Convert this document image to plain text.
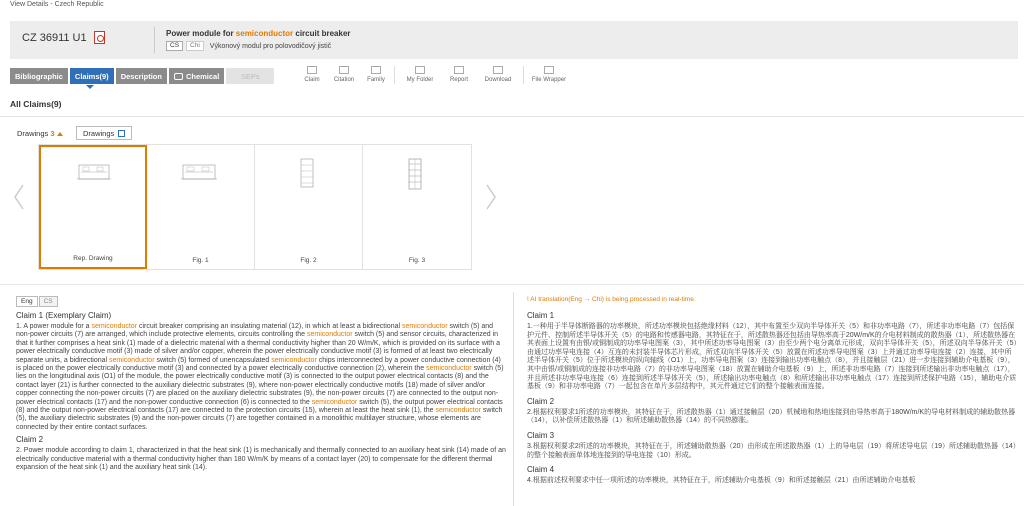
View Details - Czech Republic
CZ 36911 U1	Power module for semiconductor circuit breaker
CS	Chi	Výkonový modul pro polovodičový jistič
Bibliographic	Claims(9)	Description	Chemical	SEPs	Claim Citation Family	My Folder	Report	Download	File Wrapper
All Claims(9)
Drawings 3	Drawings
Rep. Drawing	Fig. 1	Fig. 2	Fig. 3
Eng	CS
Claim 1 (Exemplary Claim)
1. A power module for a semiconductor circuit breaker comprising an insulating material (12), in which at least a bidirectional semiconductor switch (5) and non-power circuits (7) are arranged, which include protective elements, circuits controlling the semiconductor switch (5) and sensor circuits, characterized in that it further comprises a heat sink (1) made of a dielectric material with a thermal conductivity higher than 20 W/m/K, which is provided on its surface with a power electrically conductive motif (3) made of silver and/or copper, wherein the power electrically conductive motif (3) is formed of at least two electrically separate units, a bidirectional semiconductor switch (5) formed of unencapsulated semiconductor chips interconnected by a power conductive connection (4) is placed on the power electrically conductive motif (3) and connected by a power electrically conductive connection (2), wherein the semiconductor switch (5) lies on the longitudinal axis (O1) of the module, the power electrically conductive motif (3) is connected to the output power electrical contacts (8) and the contact layer (21) is further connected to the auxiliary dielectric substrates (9), where non-power electrically conductive motifs (18) made of silver and/or copper connecting the non-power circuits (7) are placed on the auxiliary dielectric substrates (9), the non-power circuits (7) are connected to the output non-power electrical contacts (17) and the non-power conductive connection (6) is connected to the semiconductor switch (5), the output power electrical contacts (8) and the output non-power electrical contacts (17) are connected to the protection circuits (15), wherein at least the heat sink (1), the semiconductor switch (5), the auxiliary dielectric substrates (9) and the non-power circuits (7) are together contained in a monolithic multilayer structure, whose elements are connected by their entire contact surfaces.
Claim 2
2. Power module according to claim 1, characterized in that the heat sink (1) is mechanically and thermally connected to an auxiliary heat sink (14) made of an electrically conductive material with a thermal conductivity higher than 180 W/m/K by means of a contact layer (20) to compensate for the different thermal expansion of the heat sink (1) and the auxiliary heat sink (14).
! AI translation(Eng → Chi) is being processed in real-time.
Claim 1
1.一种用于半导体断路器的功率模块，所述功率模块包括绝缘材料（12），其中布置至少双向半导体开关（5）和非功率电路（7），所述非功率电路（7）包括保护元件、控制所述半导体开关（5）的电路和传感器电路，其特征在于，所述散热器还包括由导热率高于20W/m/K的介电材料制成的散热器（1），所述散热器在其表面上设置有由银/或铜制成的功率导电图案（3），其中所述功率导电图案（3）由至少两个电分离单元形成，双向半导体开关（5），所述双向半导体开关（5）由通过功率导电连接（4）互连的未封装半导体芯片形成，所述双向半导体开关（5）放置在所述功率导电图案（3）上并通过功率导电连接（2）连接，其中所述半导体开关（5）位于所述模块的纵向轴线（O1）上，功率导电图案（3）连接到输出功率电触点（8），并且接触层（21）进一步连接到辅助介电基板（9），其中由银/或铜制成的连接非功率电路（7）的非功率导电图案（18）放置在辅助介电基板（9）上，所述非功率电路（7）连接到所述输出非功率电触点（17），并且所述非功率导电连接（6）连接到所述半导体开关（5），所述输出功率电触点（8）和所述输出非功率电触点（17）连接到所述保护电路（15），辅助电介质基板（9）和非功率电路（7）一起包含在单片多层结构中，其元件通过它们的整个接触表面连接。
Claim 2
2.根据权利要求1所述的功率模块，其特征在于，所述散热器（1）通过接触层（20）机械地和热地连接到由导热率高于180W/m/K的导电材料制成的辅助散热器（14），以补偿所述散热器（1）和所述辅助散热器（14）的不同热膨胀。
Claim 3
3.根据权利要求2所述的功率模块，其特征在于，所述辅助散热器（20）由形成在所述散热器（1）上的导电层（19）将所述导电层（19）所述辅助散热器（14）的整个接触表面单体地连接到的导电连接（10）形成。
Claim 4
4.根据前述权利要求中任一项所述的功率模块，其特征在于，所述辅助介电基板（9）和所述接触层（21）由所述辅助介电基板
